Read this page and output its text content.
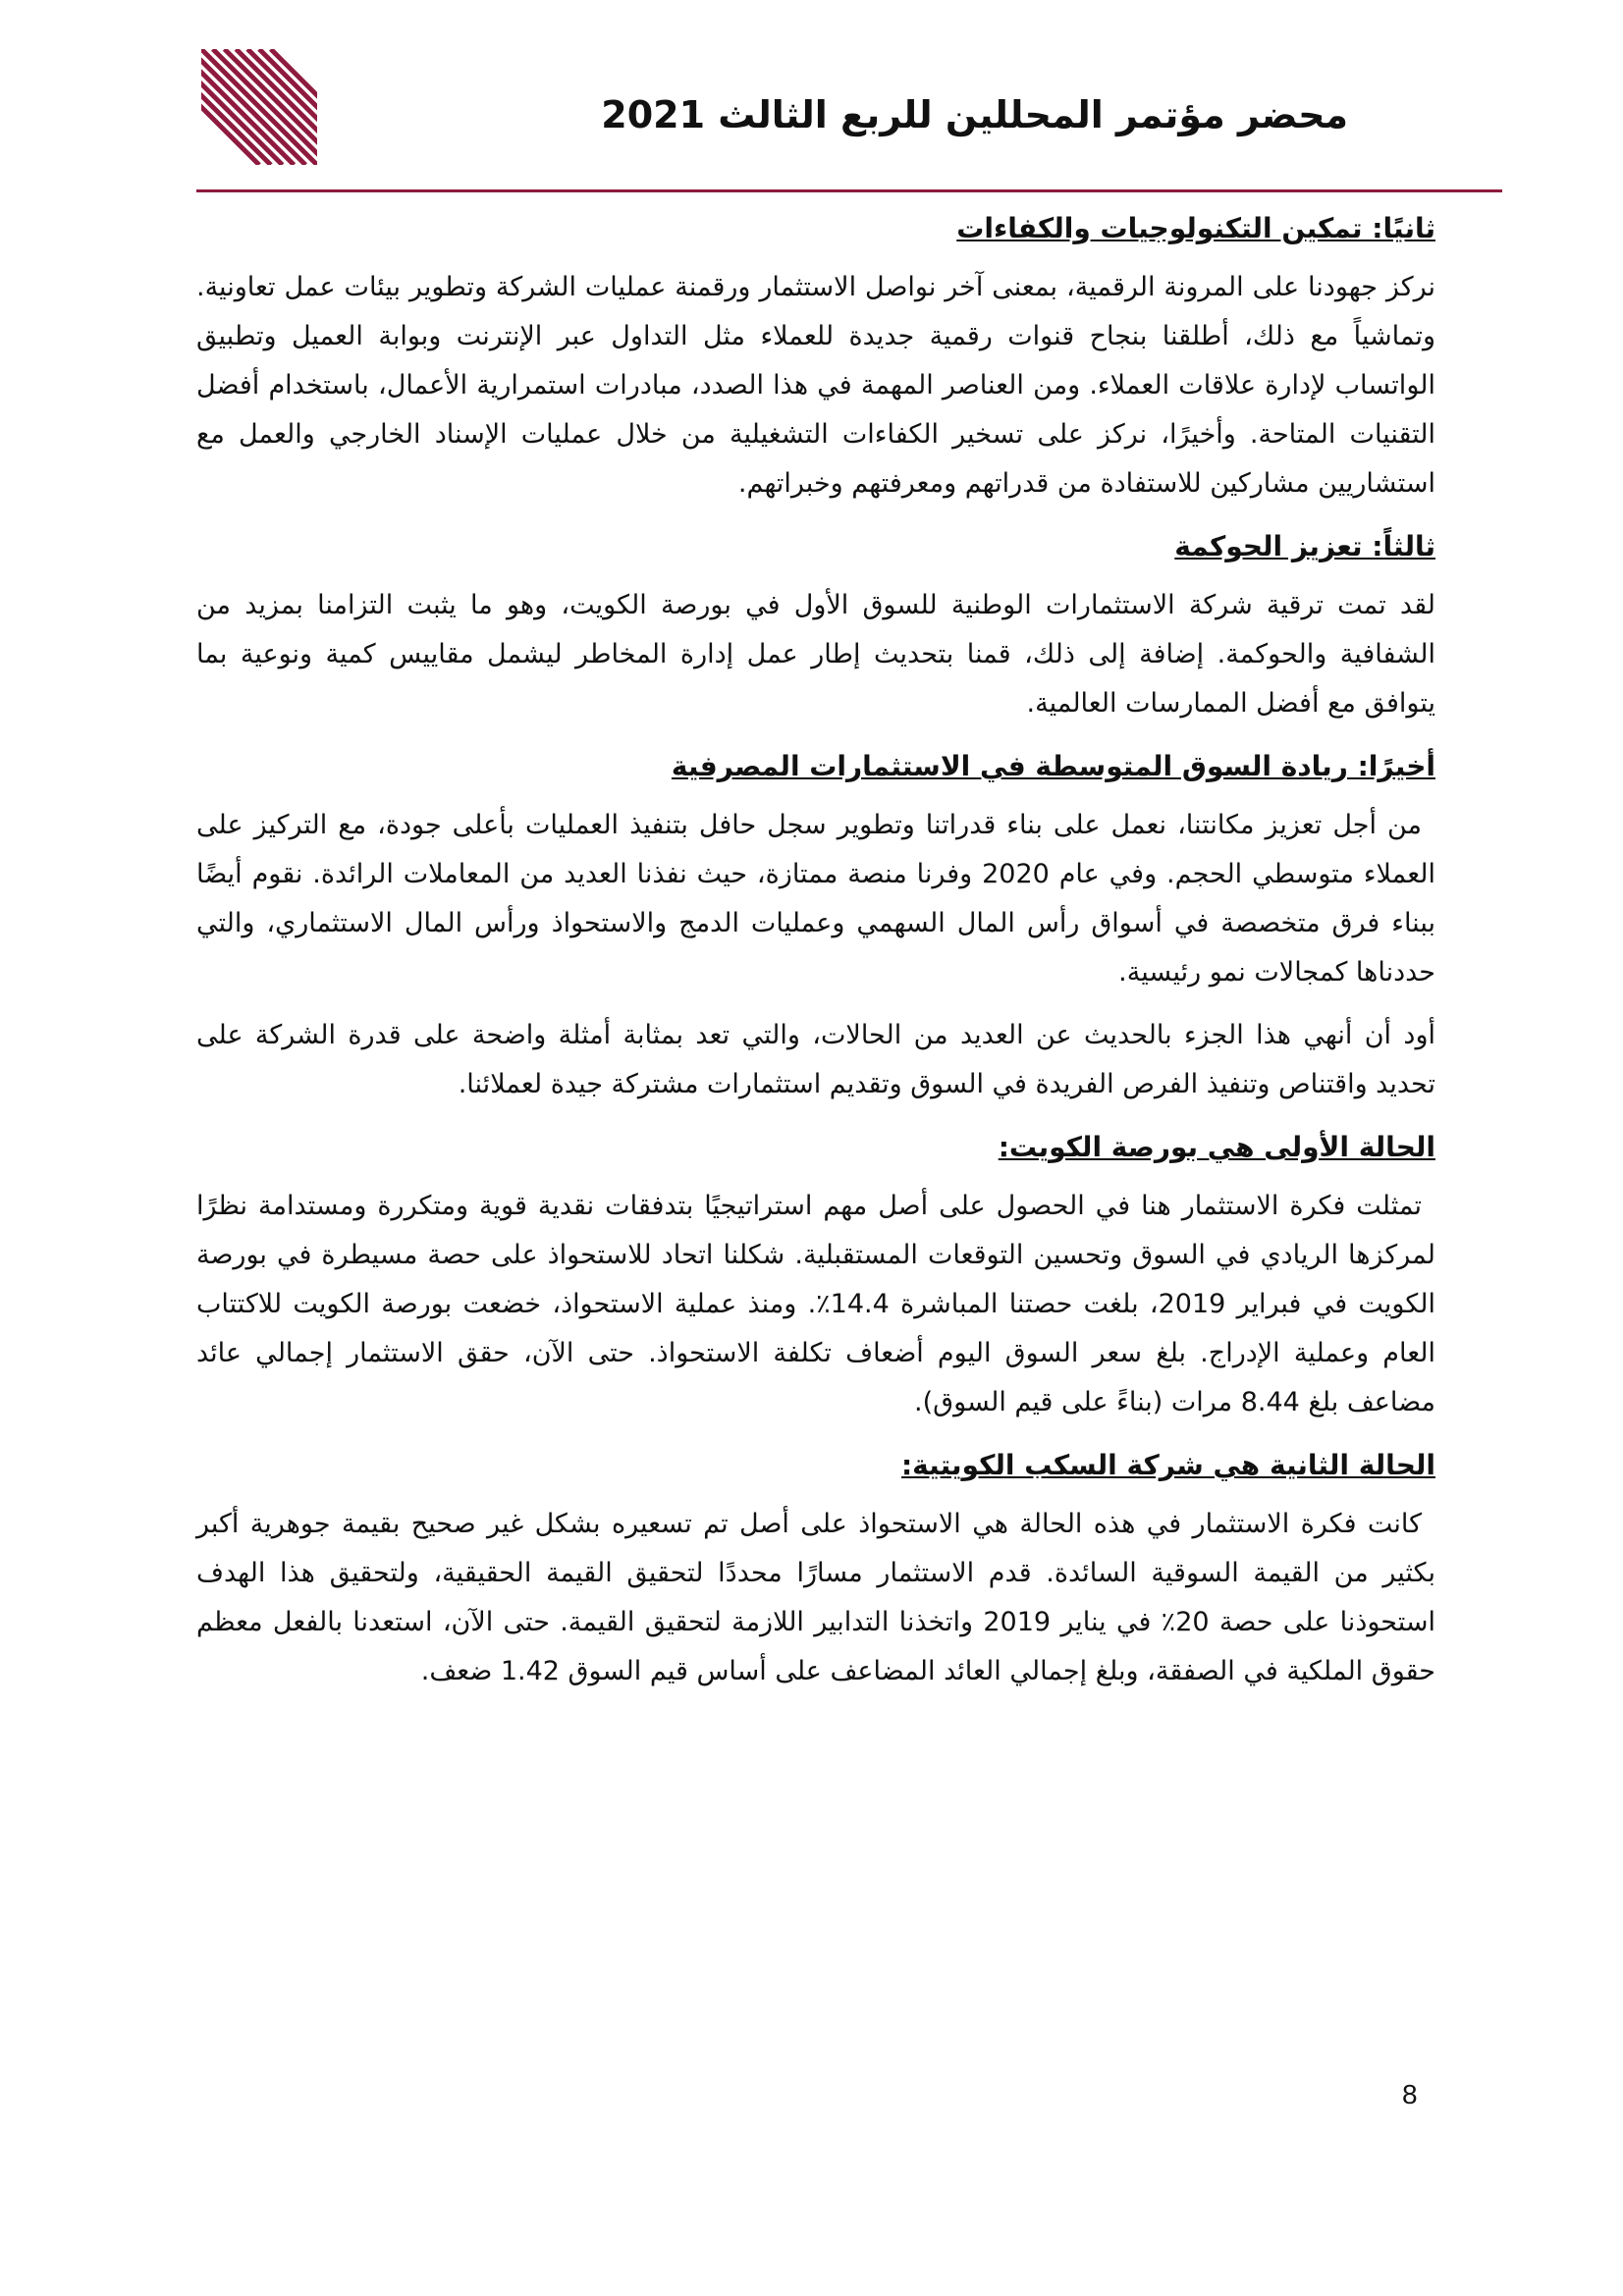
محضر مؤتمر المحللين للربع الثالث 2021
ثانيًا: تمكين التكنولوجيات والكفاءات

نركز جهودنا على المرونة الرقمية، بمعنى آخر نواصل الاستثمار ورقمنة عمليات الشركة وتطوير بيئات عمل تعاونية. وتماشياً مع ذلك، أطلقنا بنجاح قنوات رقمية جديدة للعملاء مثل التداول عبر الإنترنت وبوابة العميل وتطبيق الواتساب لإدارة علاقات العملاء. ومن العناصر المهمة في هذا الصدد، مبادرات استمرارية الأعمال، باستخدام أفضل التقنيات المتاحة. وأخيرًا، نركز على تسخير الكفاءات التشغيلية من خلال عمليات الإسناد الخارجي والعمل مع استشاريين مشاركين للاستفادة من قدراتهم ومعرفتهم وخبراتهم.

ثالثاً: تعزيز الحوكمة

لقد تمت ترقية شركة الاستثمارات الوطنية للسوق الأول في بورصة الكويت، وهو ما يثبت التزامنا بمزيد من الشفافية والحوكمة. إضافة إلى ذلك، قمنا بتحديث إطار عمل إدارة المخاطر ليشمل مقاييس كمية ونوعية بما يتوافق مع أفضل الممارسات العالمية.

أخيرًا: ريادة السوق المتوسطة في الاستثمارات المصرفية

من أجل تعزيز مكانتنا، نعمل على بناء قدراتنا وتطوير سجل حافل بتنفيذ العمليات بأعلى جودة، مع التركيز على العملاء متوسطي الحجم. وفي عام 2020 وفرنا منصة ممتازة، حيث نفذنا العديد من المعاملات الرائدة. نقوم أيضًا ببناء فرق متخصصة في أسواق رأس المال السهمي وعمليات الدمج والاستحواذ ورأس المال الاستثماري، والتي حددناها كمجالات نمو رئيسية.

أود أن أنهي هذا الجزء بالحديث عن العديد من الحالات، والتي تعد بمثابة أمثلة واضحة على قدرة الشركة على تحديد واقتناص وتنفيذ الفرص الفريدة في السوق وتقديم استثمارات مشتركة جيدة لعملائنا.

الحالة الأولى هي بورصة الكويت:

تمثلت فكرة الاستثمار هنا في الحصول على أصل مهم استراتيجيًا بتدفقات نقدية قوية ومتكررة ومستدامة نظرًا لمركزها الريادي في السوق وتحسين التوقعات المستقبلية. شكلنا اتحاد للاستحواذ على حصة مسيطرة في بورصة الكويت في فبراير 2019، بلغت حصتنا المباشرة 14.4٪. ومنذ عملية الاستحواذ، خضعت بورصة الكويت للاكتتاب العام وعملية الإدراج. بلغ سعر السوق اليوم أضعاف تكلفة الاستحواذ. حتى الآن، حقق الاستثمار إجمالي عائد مضاعف بلغ 8.44 مرات (بناءً على قيم السوق).

الحالة الثانية هي شركة السكب الكويتية:

كانت فكرة الاستثمار في هذه الحالة هي الاستحواذ على أصل تم تسعيره بشكل غير صحيح بقيمة جوهرية أكبر بكثير من القيمة السوقية السائدة. قدم الاستثمار مسارًا محددًا لتحقيق القيمة الحقيقية، ولتحقيق هذا الهدف استحوذنا على حصة 20٪ في يناير 2019 واتخذنا التدابير اللازمة لتحقيق القيمة. حتى الآن، استعدنا بالفعل معظم حقوق الملكية في الصفقة، وبلغ إجمالي العائد المضاعف على أساس قيم السوق 1.42 ضعف.

8
